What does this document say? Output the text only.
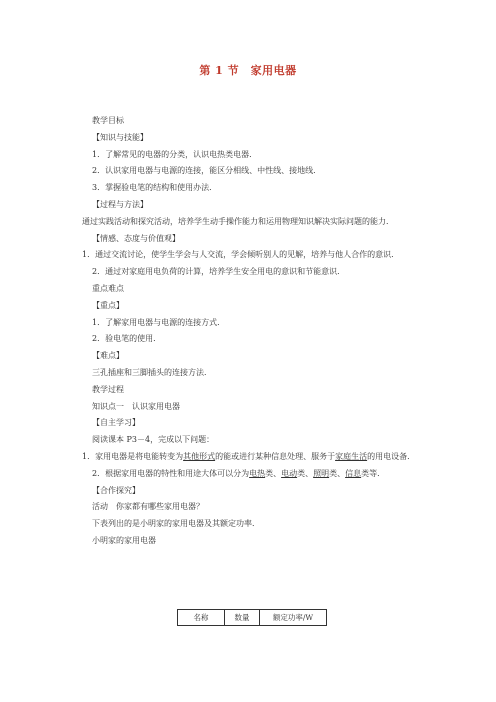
第 1 节　家用电器

教学目标

【知识与技能】

1．了解常见的电器的分类，认识电热类电器．

2．认识家用电器与电源的连接，能区分相线、中性线、接地线．

3．掌握验电笔的结构和使用办法．

【过程与方法】

通过实践活动和探究活动，培养学生动手操作能力和运用物理知识解决实际问题的能力．

【情感、态度与价值观】

1．通过交流讨论，使学生学会与人交流，学会倾听别人的见解，培养与他人合作的意识．

2．通过对家庭用电负荷的计算，培养学生安全用电的意识和节能意识．

重点难点

【重点】

1．了解家用电器与电源的连接方式．

2．验电笔的使用．

【难点】

三孔插座和三脚插头的连接方法．

教学过程

知识点一　认识家用电器

【自主学习】

阅读课本 P3－4，完成以下问题：

1．家用电器是将电能转变为其他形式的能或进行某种信息处理、服务于家庭生活的用电设备．

2．根据家用电器的特性和用途大体可以分为电热类、电动类、照明类、信息类等．

【合作探究】

活动　你家都有哪些家用电器？

下表列出的是小明家的家用电器及其额定功率．

小明家的家用电器

名称	数量	额定功率/W
